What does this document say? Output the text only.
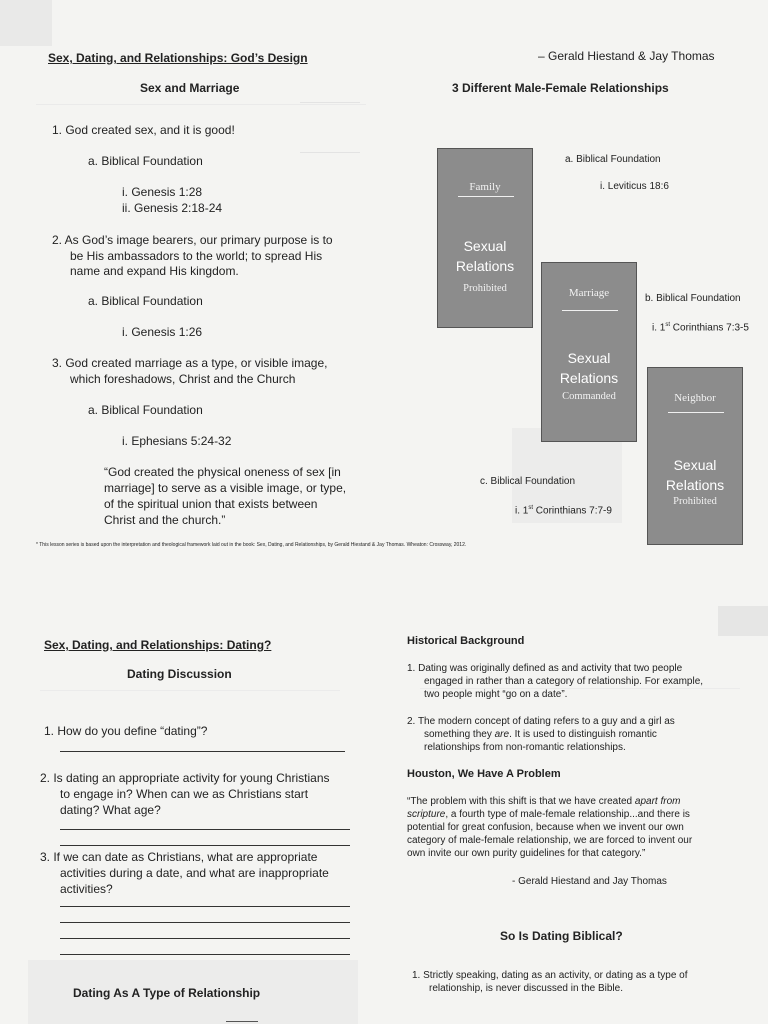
Sex, Dating, and Relationships: God’s Design
Sex and Marriage
– Gerald Hiestand & Jay Thomas
3 Different Male-Female Relationships
1. God created sex, and it is good!
a. Biblical Foundation
i. Genesis 1:28
ii. Genesis 2:18-24
2. As God’s image bearers, our primary purpose is to
be His ambassadors to the world; to spread His
name and expand His kingdom.
a. Biblical Foundation
i. Genesis 1:26
3. God created marriage as a type, or visible image,
which foreshadows, Christ and the Church
a. Biblical Foundation
i. Ephesians 5:24-32
“God created the physical oneness of sex [in
marriage] to serve as a visible image, or type,
of the spiritual union that exists between
Christ and the church.”
* This lesson series is based upon the interpretation and theological framework laid out in the book: Sex, Dating, and Relationships, by Gerald Hiestand & Jay Thomas. Wheaton: Crossway, 2012.
Family
Sexual
Relations
Prohibited	Marriage
Sexual
Relations
Commanded	Neighbor
Sexual
Relations
Prohibited
a. Biblical Foundation
i. Leviticus 18:6
b. Biblical Foundation
i. 1st Corinthians 7:3-5
c. Biblical Foundation
i. 1st Corinthians 7:7-9
Sex, Dating, and Relationships: Dating?
Dating Discussion
1. How do you define “dating”?
2. Is dating an appropriate activity for young Christians
to engage in? When can we as Christians start
dating? What age?
3. If we can date as Christians, what are appropriate
activities during a date, and what are inappropriate
activities?
Dating As A Type of Relationship
Historical Background
1. Dating was originally defined as and activity that two people
engaged in rather than a category of relationship. For example,
two people might “go on a date”.
2. The modern concept of dating refers to a guy and a girl as
something they are. It is used to distinguish romantic
relationships from non-romantic relationships.
Houston, We Have A Problem
“The problem with this shift is that we have created apart from
scripture, a fourth type of male-female relationship...and there is
potential for great confusion, because when we invent our own
category of male-female relationship, we are forced to invent our
own invite our own purity guidelines for that category.”
- Gerald Hiestand and Jay Thomas
So Is Dating Biblical?
1. Strictly speaking, dating as an activity, or dating as a type of
relationship, is never discussed in the Bible.
